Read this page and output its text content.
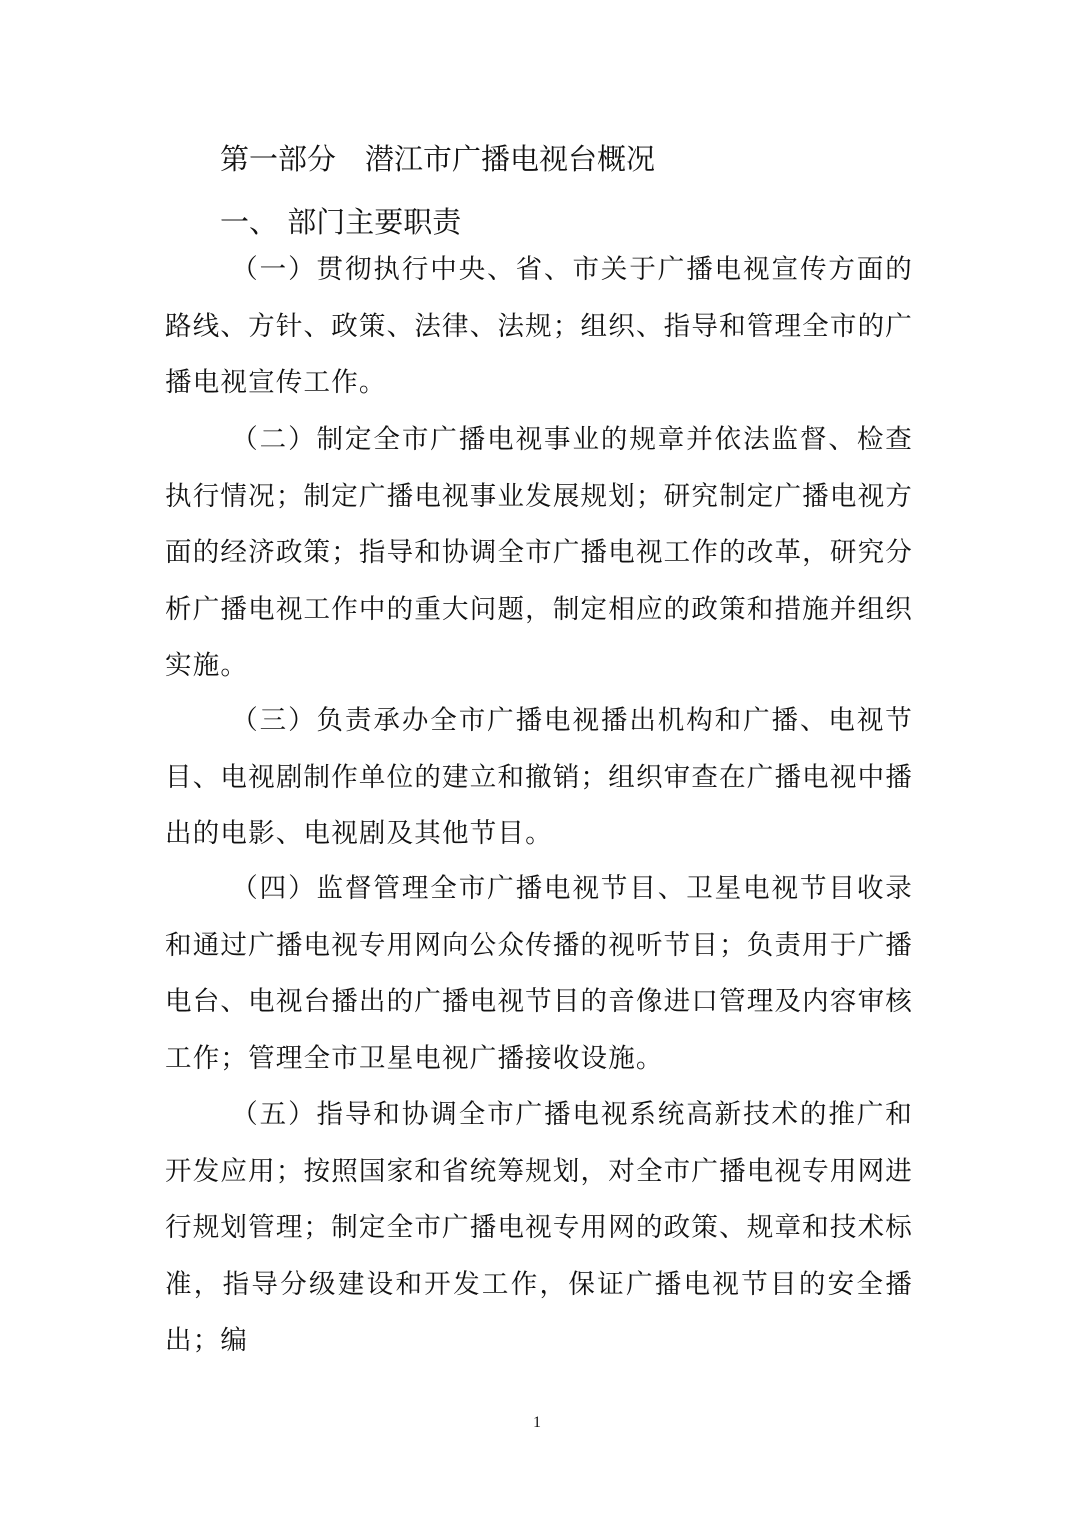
第一部分　潜江市广播电视台概况
一、 部门主要职责

（一）贯彻执行中央、省、市关于广播电视宣传方面的路线、方针、政策、法律、法规；组织、指导和管理全市的广播电视宣传工作。

（二）制定全市广播电视事业的规章并依法监督、检查执行情况；制定广播电视事业发展规划；研究制定广播电视方面的经济政策；指导和协调全市广播电视工作的改革，研究分析广播电视工作中的重大问题，制定相应的政策和措施并组织实施。

（三）负责承办全市广播电视播出机构和广播、电视节目、电视剧制作单位的建立和撤销；组织审查在广播电视中播出的电影、电视剧及其他节目。

（四）监督管理全市广播电视节目、卫星电视节目收录和通过广播电视专用网向公众传播的视听节目；负责用于广播电台、电视台播出的广播电视节目的音像进口管理及内容审核工作；管理全市卫星电视广播接收设施。

（五）指导和协调全市广播电视系统高新技术的推广和开发应用；按照国家和省统筹规划，对全市广播电视专用网进行规划管理；制定全市广播电视专用网的政策、规章和技术标准，指导分级建设和开发工作，保证广播电视节目的安全播出；编

1
